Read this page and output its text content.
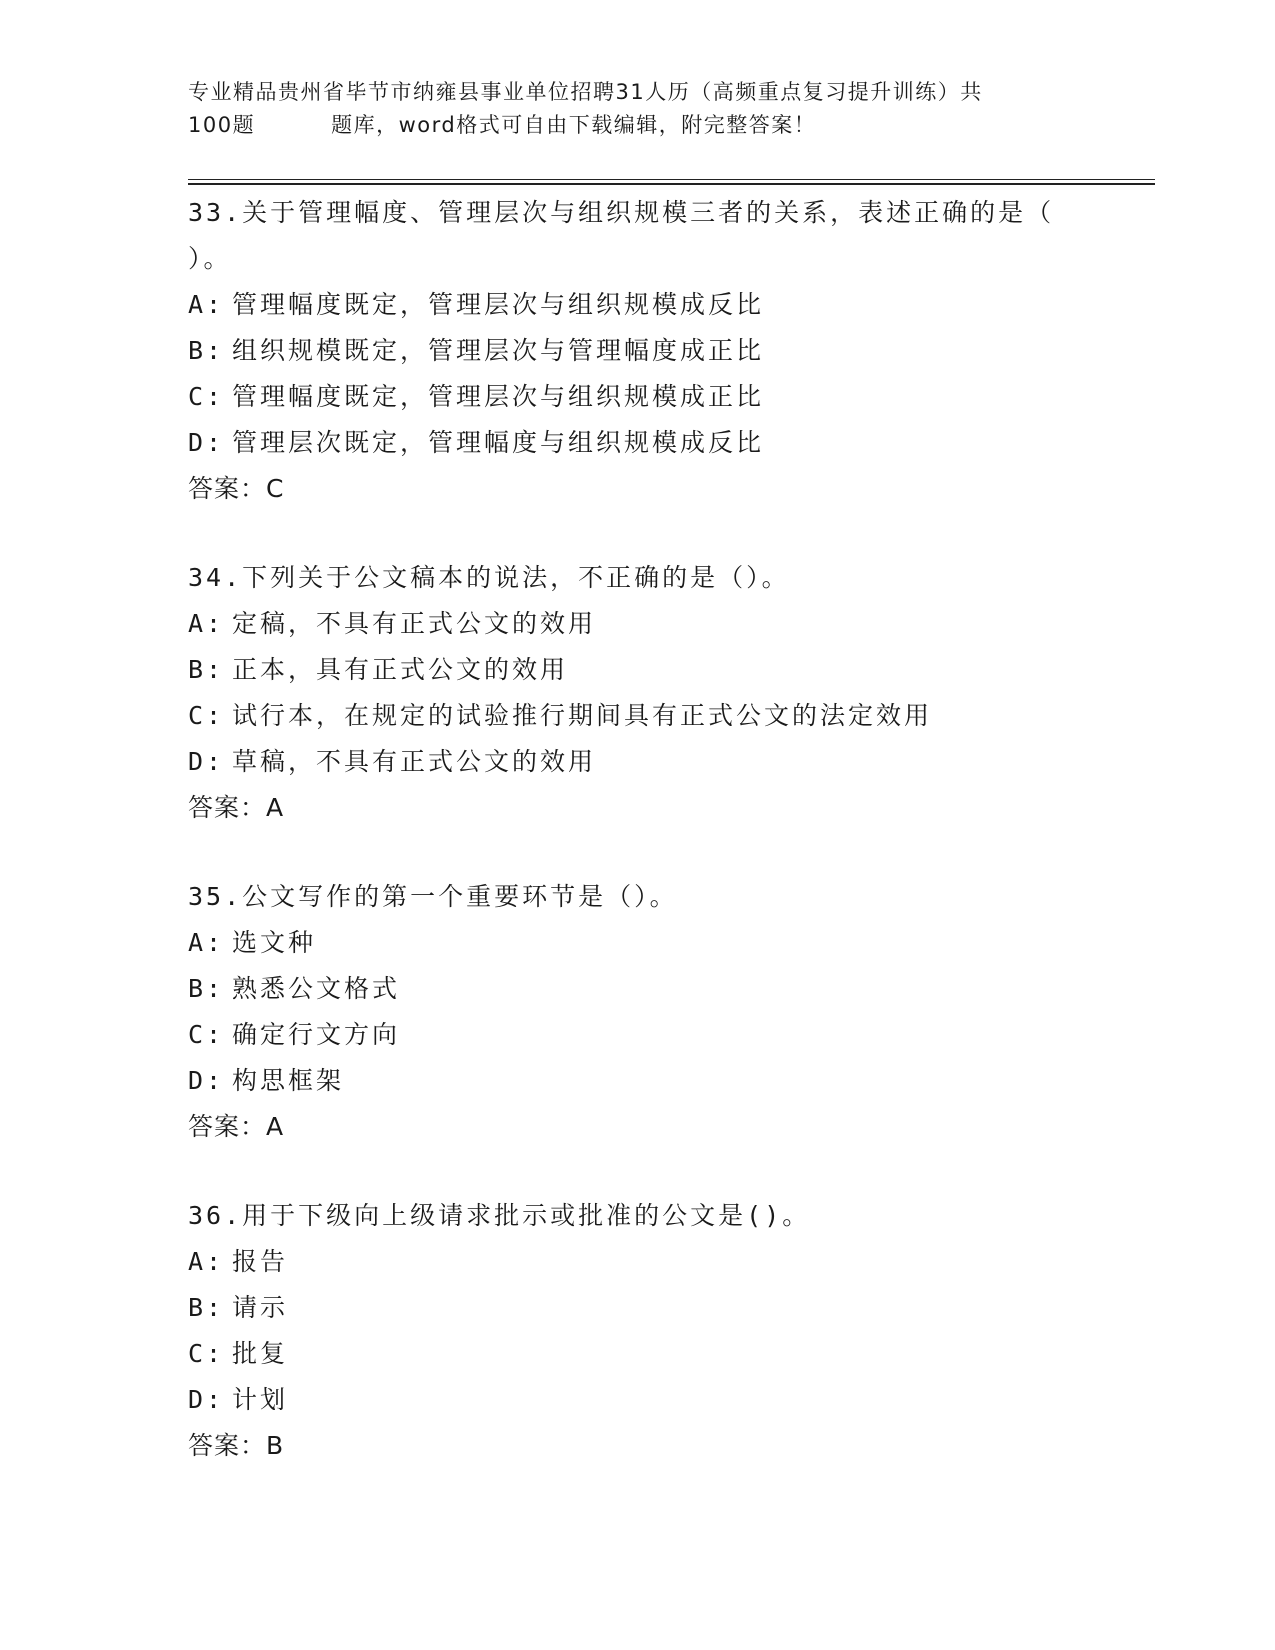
专业精品贵州省毕节市纳雍县事业单位招聘31人历（高频重点复习提升训练）共
100题	题库，word格式可自由下载编辑，附完整答案！
33.关于管理幅度、管理层次与组织规模三者的关系，表述正确的是（
）。
A: 管理幅度既定，管理层次与组织规模成反比
B: 组织规模既定，管理层次与管理幅度成正比
C: 管理幅度既定，管理层次与组织规模成正比
D: 管理层次既定，管理幅度与组织规模成反比
答案：C
34.下列关于公文稿本的说法，不正确的是（）。
A: 定稿，不具有正式公文的效用
B: 正本，具有正式公文的效用
C: 试行本，在规定的试验推行期间具有正式公文的法定效用
D: 草稿，不具有正式公文的效用
答案：A
35.公文写作的第一个重要环节是（）。
A: 选文种
B: 熟悉公文格式
C: 确定行文方向
D: 构思框架
答案：A
36.用于下级向上级请求批示或批准的公文是()。
A: 报告
B: 请示
C: 批复
D: 计划
答案：B
